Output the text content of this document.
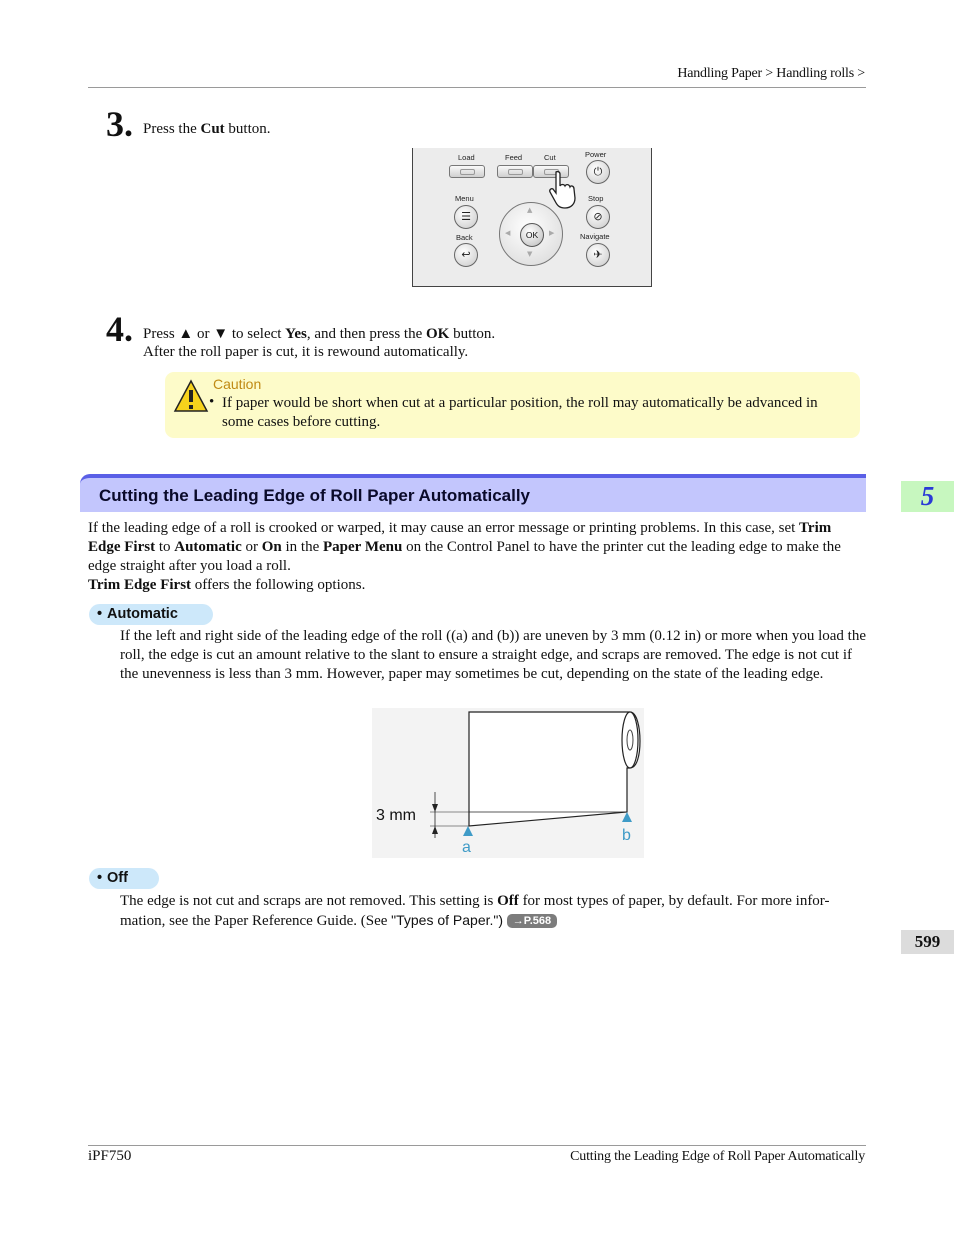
Handling Paper > Handling rolls >
3. Press the Cut button.
Load	Feed	Cut	Power
⏻
Menu
☰
Stop
⊘
Back
↩
Navigate
✈
▲
▼
◀	▶
OK
4. Press ▲ or ▼ to select Yes, and then press the OK button.
After the roll paper is cut, it is rewound automatically.
Caution
• If paper would be short when cut at a particular position, the roll may automatically be advanced in some cases before cutting.
Cutting the Leading Edge of Roll Paper Automatically	5
599
If the leading edge of a roll is crooked or warped, it may cause an error message or printing problems. In this case, set Trim Edge First to Automatic or On in the Paper Menu on the Control Panel to have the printer cut the leading edge to make the edge straight after you load a roll.
Trim Edge First offers the following options.
• Automatic
If the left and right side of the leading edge of the roll ((a) and (b)) are uneven by 3 mm (0.12 in) or more when you load the roll, the edge is cut an amount relative to the slant to ensure a straight edge, and scraps are removed. The edge is not cut if the unevenness is less than 3 mm. However, paper may sometimes be cut, depending on the state of the leading edge.
3 mm
a
b
• Off
The edge is not cut and scraps are not removed. This setting is Off for most types of paper, by default. For more infor-mation, see the Paper Reference Guide. (See "Types of Paper.") →P.568
iPF750	Cutting the Leading Edge of Roll Paper Automatically
